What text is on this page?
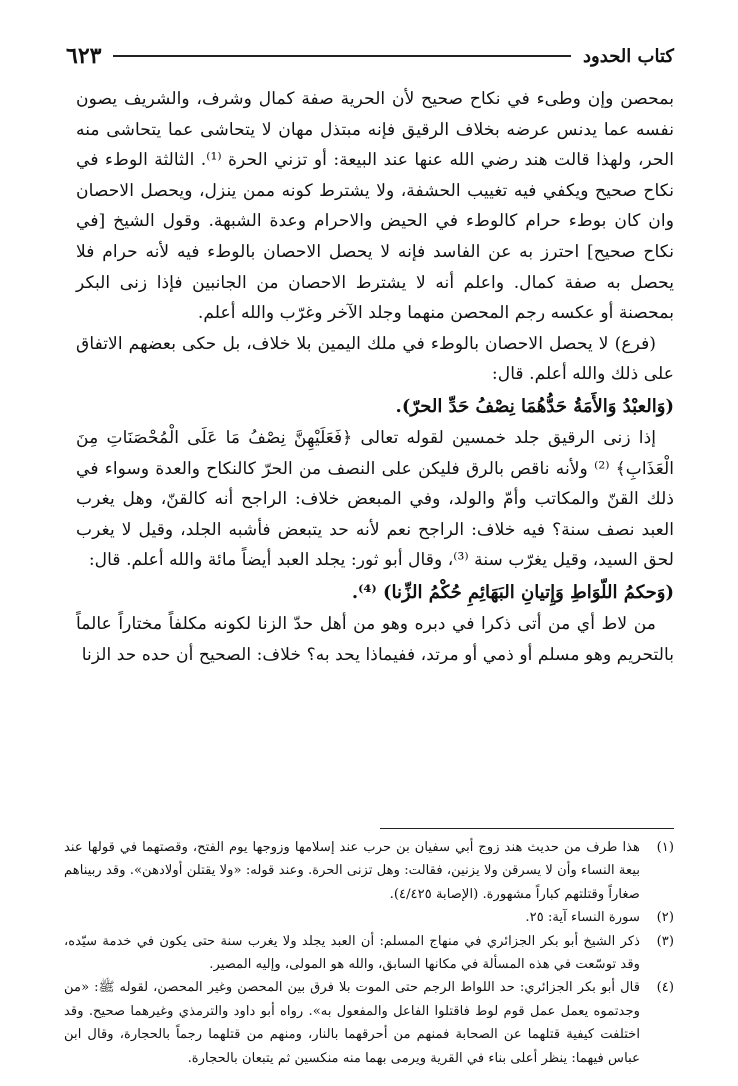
كتاب الحدود
٦٢٣

بمحصن وإن وطىء في نكاح صحيح لأن الحرية صفة كمال وشرف، والشريف يصون نفسه عما يدنس عرضه بخلاف الرقيق فإنه مبتذل مهان لا يتحاشى عما يتحاشى منه الحر، ولهذا قالت هند رضي الله عنها عند البيعة: أو تزني الحرة ⁽¹⁾. الثالثة الوطء في نكاح صحيح ويكفي فيه تغييب الحشفة، ولا يشترط كونه ممن ينزل، ويحصل الاحصان وان كان بوطء حرام كالوطء في الحيض والاحرام وعدة الشبهة. وقول الشيخ [في نكاح صحيح] احترز به عن الفاسد فإنه لا يحصل الاحصان بالوطء فيه لأنه حرام فلا يحصل به صفة كمال. واعلم أنه لا يشترط الاحصان من الجانبين فإذا زنى البكر بمحصنة أو عكسه رجم المحصن منهما وجلد الآخر وغرّب والله أعلم.

(فرع) لا يحصل الاحصان بالوطء في ملك اليمين بلا خلاف، بل حكى بعضهم الاتفاق على ذلك والله أعلم. قال:

(وَالعبْدُ وَالأَمَةُ حَدُّهُمَا نِصْفُ حَدِّ الحرّ).

إذا زنى الرقيق جلد خمسين لقوله تعالى ﴿فَعَلَيْهِنَّ نِصْفُ مَا عَلَى الْمُحْصَنَاتِ مِنَ الْعَذَابِ﴾ ⁽²⁾ ولأنه ناقص بالرق فليكن على النصف من الحرّ كالنكاح والعدة وسواء في ذلك القنّ والمكاتب وأمّ والولد، وفي المبعض خلاف: الراجح أنه كالقنّ، وهل يغرب العبد نصف سنة؟ فيه خلاف: الراجح نعم لأنه حد يتبعض فأشبه الجلد، وقيل لا يغرب لحق السيد، وقيل يغرّب سنة ⁽³⁾، وقال أبو ثور: يجلد العبد أيضاً مائة والله أعلم. قال:

(وَحكمُ اللّوَاطِ وَإِتيانِ البَهَائِمِ حُكْمُ الزِّنا) ⁽⁴⁾.

من لاط أي من أتى ذكرا في دبره وهو من أهل حدّ الزنا لكونه مكلفاً مختاراً عالماً بالتحريم وهو مسلم أو ذمي أو مرتد، ففيماذا يحد به؟ خلاف: الصحيح أن حده حد الزنا

(١)
هذا طرف من حديث هند زوج أبي سفيان بن حرب عند إسلامها وزوجها يوم الفتح، وقصتهما في قولها عند بيعة النساء وأن لا يسرقن ولا يزنين، فقالت: وهل تزنى الحرة. وعند قوله: «ولا يقتلن أولادهن». وقد ربيناهم صغاراً وقتلتهم كباراً مشهورة. (الإصابة ٤/٤٢٥).
(٢)
سورة النساء آية: ٢٥.
(٣)
ذكر الشيخ أبو بكر الجزائري في منهاج المسلم: أن العبد يجلد ولا يغرب سنة حتى يكون في خدمة سيّده، وقد توسّعت في هذه المسألة في مكانها السابق، والله هو المولى، وإليه المصير.
(٤)
قال أبو بكر الجزائري: حد اللواط الرجم حتى الموت بلا فرق بين المحصن وغير المحصن، لقوله ﷺ: «من وجدتموه يعمل عمل قوم لوط فاقتلوا الفاعل والمفعول به». رواه أبو داود والترمذي وغيرهما صحيح. وقد اختلفت كيفية قتلهما عن الصحابة فمنهم من أحرقهما بالنار، ومنهم من قتلهما رجماً بالحجارة، وقال ابن عباس فيهما: ينظر أعلى بناء في القرية ويرمى بهما منه منكسين ثم يتبعان بالحجارة.
